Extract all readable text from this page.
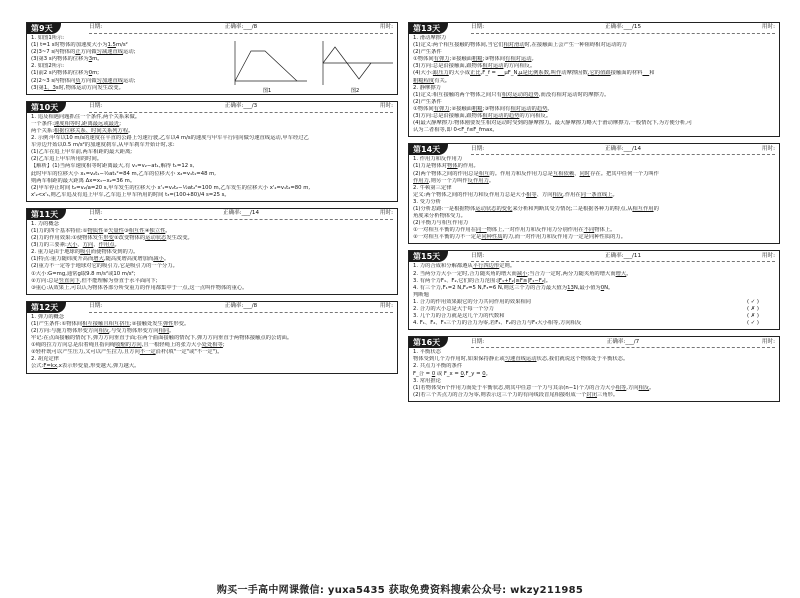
第9天	日期:	正确率:___/8	用时:
1. 如图1所示:
(1) t=1 s时物体的加速度大小为1.5m/s²
(2)3~7 s内物体的正方向做匀减速直线运动;
(3)第3 s内物体的位移为3m。
2. 如图2所示:
(1)前2 s内物体的位移为0m;
(2)2~3 s内物体向负方向做匀加速直线运动;
(3)第1、3s时,物体运动方向发生改变。
图1	图2
第10天	日期:	正确率:___/3	用时:
1. 追及相遇问题抓住一个条件,两个关系来做。
一个条件:速度相等时,距离最远或最近;
两个关系:根据位移关系、时间关系列方程。
2. 示例:甲车以10 m/s的速度在平直的公路上匀速行驶,乙车以4 m/s的速度与甲车平行同向做匀速直线运动,甲车经过乙
车旁边开始以0.5 m/s²的加速度刹车,从甲车刹车开始计时,求:
(1)乙车在追上甲车前,两车相距的最大距离;
(2)乙车追上甲车所用的时间。
【解析】(1)当两车速度相等时距离最大,有 v₁=v₂−at₁,解得 t₁=12 s,
此时甲车的位移大小 x₁=v₂t₁−½at₁²=84 m,乙车的位移大小 x₂=v₁t₁=48 m,
则两车相距的最大距离 Δx=x₁−x₂=36 m。
(2)甲车停止时间 t₂=v₂/a=20 s,甲车发生的位移大小 x'₁=v₂t₂−½at₂²=100 m,乙车发生的位移大小 x'₂=v₁t₂=80 m,
x'₂<x'₁,则乙车追及有追上甲车,乙车追上甲车所用的时间 t₃=(100+80)/4 s=25 s。
第11天	日期:	正确率:___/14	用时:
1. 力的概念
(1)力的四个基本特征:①物质性②矢量性③相互性④独立性。
(2)力的作用效果:①使物体发生形变②改变物体的运动状态发生改变。
(3)力的三要素:大小、方向、作用点。
2. 重力是由于地球的吸引而使物体受到的力。
(1)特点:重力随纬度升高而增大,随高度增高度增加而减小。
(2)重力不一定等于地球对它的吸引力,它是吸引力的一个分力。
①大小:G=mg,通常g取9.8 m/s²或10 m/s²;
②方向:总是竖直向下,但不能理解为垂直于水平面向下;
③重心:从效果上,可以认为物体各部分所受重力的作用都集中于一点,这一点叫作物体的重心。
第12天	日期:	正确率:___/8	用时:
1. 弹力的概念
(1)产生条件:①物体间相互接触且相互挤压;②接触处发生弹性形变。
(2)方向:与施力物体形变方向相反,与受力物体形变方向相同。
牢记:在点面接触的情况下,弹力方向垂直于面;在两个曲面接触的情况下,弹力方向垂直于两物体接触点的公切面。
①绳的拉力方向总是沿着绳且指向绳收缩的方向,且一根轻绳上的张力大小处处相等;
②轻杆既可以产生压力,又可以产生拉力,且方向不一定沿杆(填"一定"或"不一定")。
2. 胡克定律
公式:F=kx,x表示形变量,形变越大,弹力越大。
第13天	日期:	正确率:___/15	用时:
1. 滑动摩擦力
(1)定义:两个相互接触的物体间,当它们相对滑动时,在接触面上会产生一种阻碍相对运动的力
(2)产生条件
①物体间有弹力;②接触面粗糙;③物体间有相对运动。
(3)方向:总是沿接触面,跟物体相对运动的方向相反。
(4)大小:跟压力的大小成正比,F_f =     μF_N,μ是比例系数,叫作动摩擦因数,它的值跟接触面的材料 和
粗糙程度有关。
2. 静摩擦力
(1)定义:相互接触的两个物体之间只有相对运动的趋势,而没有相对运动时的摩擦力。
(2)产生条件
①物体间有弹力;②接触面粗糙;③物体间有相对运动的趋势。
(3)方向:总是沿接触面,跟物体相对运动的趋势的方向相反。
(4)最大静摩擦力:物体刚要发生相对运动时受到的静摩擦力。最大静摩擦力略大于滑动摩擦力,一般情况下,为方便分析,可
认为二者相等,即 0<F_f≤F_fmax。
第14天	日期:	正确率:___/14	用时:
1. 作用力和反作用力
(1)力是物体对物体的作用。
(2)两个物体之间的作用总是相互的。作用力和反作用力总是互相依赖、同时存在。把其中任何一个力叫作
作用力,则另一个力叫作反作用力。
2. 牛顿第三定律
定义:两个物体之间的作用力和反作用力总是大小相等、方向相反,作用在同一条直线上。
3. 受力分析
(1)分析思路:一是根据物体运动状态的变化来分析和判断其受力情况;二是根据各种力的特点,从相互作用的
角度来分析物体受力。
(2)平衡力与相互作用力
①一对相互平衡的力作用在同一物体上,一对作用力和反作用力分别作用在不同物体上。
②一对相互平衡的力不一定是同种性质的力,而一对作用力和反作用力一定是同种性质的力。
第15天	日期:	正确率:___/11	用时:
1. 力的合成和分解都遵从平行四边形定则。
2. 当两分力大小一定时,合力随夹角的增大而减小;当合力一定时,两分力随夹角的增大而增大。
3. 有两个力F₁、F₂,它们的合力范围:|F₁+F₂|≥F≥|F₁−F₂|。
4. 有三个力,F₁=2 N,F₂=5 N,F₃=6 N,则这三个力的合力最大值为13N,最小值为0N。
判断题
1. 合力的作用效果跟它的分力共同作用的效果相同	( ✓ )
2. 合力的大小总是大于每一个分力	( ✗ )
3. 几个力的合力就是这几个力的代数和	( ✗ )
4. F₁、F₂、F₃三个力的合力为零,若F₁、F₂的合力与F₃大小相等,方向相反	( ✓ )
第16天	日期:	正确率:___/7	用时:
1. 平衡状态
物体受到几个力作用时,如果保持静止或匀速直线运动状态,我们就说这个物体处于平衡状态。
2. 共点力平衡的条件
F_合 = 0 或 F_x = 0,F_y = 0。
3. 常用推论
(1)若物体受n个作用力而处于平衡状态,则其中任意一个力与其余(n−1)个力的合力大小相等,方向相反。
(2)若三个共点力的合力为零,则表示这三个力的有向线段首尾相接组成一个封闭三角形。
购买一手高中网课微信: yuxa5435 获取免费资料搜索公众号: wkzy211985
